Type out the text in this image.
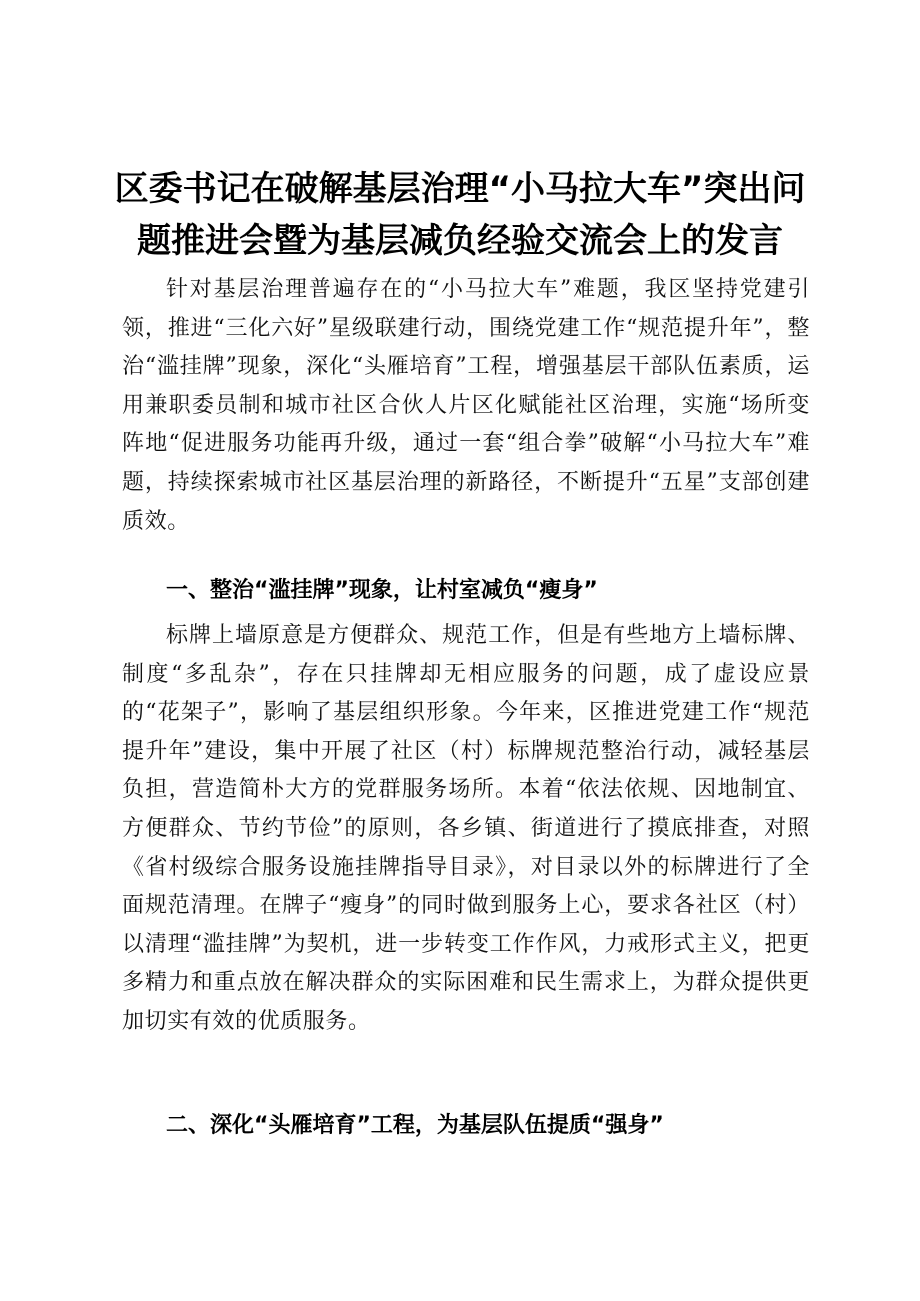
区委书记在破解基层治理“小马拉大车”突出问题推进会暨为基层减负经验交流会上的发言

针对基层治理普遍存在的“小马拉大车”难题，我区坚持党建引领，推进“三化六好”星级联建行动，围绕党建工作“规范提升年”，整治“滥挂牌”现象，深化“头雁培育”工程，增强基层干部队伍素质，运用兼职委员制和城市社区合伙人片区化赋能社区治理，实施“场所变阵地“促进服务功能再升级，通过一套“组合拳”破解“小马拉大车”难题，持续探索城市社区基层治理的新路径，不断提升“五星”支部创建质效。

一、整治“滥挂牌”现象，让村室减负“瘦身”

标牌上墙原意是方便群众、规范工作，但是有些地方上墙标牌、制度“多乱杂”，存在只挂牌却无相应服务的问题，成了虚设应景的“花架子”，影响了基层组织形象。今年来，区推进党建工作“规范提升年”建设，集中开展了社区（村）标牌规范整治行动，减轻基层负担，营造简朴大方的党群服务场所。本着“依法依规、因地制宜、方便群众、节约节俭”的原则，各乡镇、街道进行了摸底排查，对照《省村级综合服务设施挂牌指导目录》，对目录以外的标牌进行了全面规范清理。在牌子“瘦身”的同时做到服务上心，要求各社区（村）以清理“滥挂牌”为契机，进一步转变工作作风，力戒形式主义，把更多精力和重点放在解决群众的实际困难和民生需求上，为群众提供更加切实有效的优质服务。

二、深化“头雁培育”工程，为基层队伍提质“强身”
